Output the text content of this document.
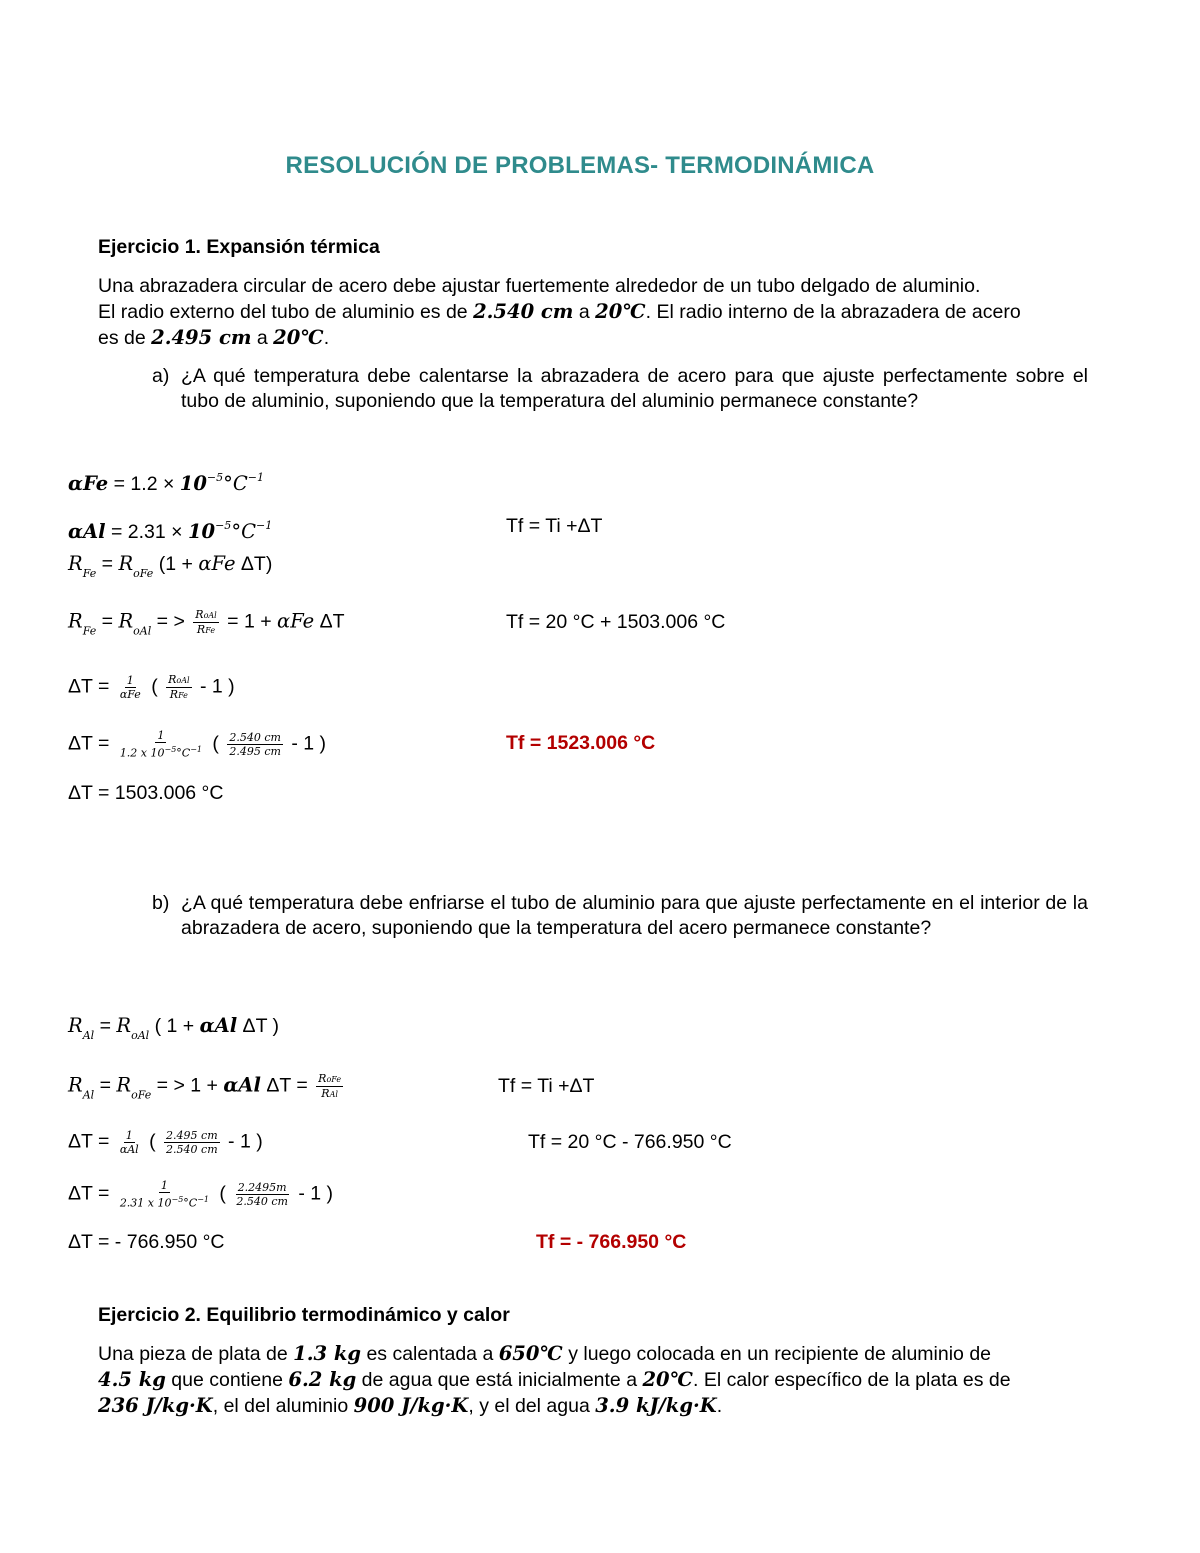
RESOLUCIÓN DE PROBLEMAS- TERMODINÁMICA
Ejercicio 1. Expansión térmica
Una abrazadera circular de acero debe ajustar fuertemente alrededor de un tubo delgado de aluminio.
El radio externo del tubo de aluminio es de 2.540 cm a 20℃. El radio interno de la abrazadera de acero
es de 2.495 cm a 20℃.
a) ¿A qué temperatura debe calentarse la abrazadera de acero para que ajuste perfectamente sobre el tubo de aluminio, suponiendo que la temperatura del aluminio permanece constante?
$\alpha Fe = 1.2 \times 10^{-5}^\circ C^{-1}$
$\alpha Al = 2.31 \times 10^{-5}^\circ C^{-1}$	Tf = Ti +ΔT
$R_{Fe} = R_{oFe}$ (1 + αFe ΔT)
$R_{Fe} = R_{oAl}$ = > $\frac{\text{RoAl}}{\text{RFe}} = 1 + \alpha Fe$ ΔT	Tf = 20 °C + 1503.006 °C
$\Delta T = \frac{1}{\text{αFe}}$ ( $\frac{\text{RoAl}}{\text{RFe}} - 1$ )
$\Delta T = \frac{1}{1.2 x 10^{-5}^\circ C^{-1}}$ ( $\frac{2.540 cm}{2.495 cm} - 1$ )	Tf = 1523.006 °C
ΔT = 1503.006 °C
b) ¿A qué temperatura debe enfriarse el tubo de aluminio para que ajuste perfectamente en el interior de la abrazadera de acero, suponiendo que la temperatura del acero permanece constante?
$R_{Al} = R_{oAl}$ ( 1 + αAl ΔT )
$R_{Al} = R_{oFe}$ = > 1 + αAl $\Delta T = \frac{\text{RoFe}}{\text{RAl}}$	Tf = Ti +ΔT
$\Delta T = \frac{1}{\text{αAl}}$ ( $\frac{2.495 cm}{2.540 cm} - 1$ )	Tf = 20 °C - 766.950 °C
$\Delta T = \frac{1}{2.31 x 10^{-5}^\circ C^{-1}}$ ( $\frac{2.2495m}{2.540 cm} - 1$ )
ΔT = - 766.950 °C	Tf = - 766.950 °C
Ejercicio 2. Equilibrio termodinámico y calor
Una pieza de plata de 1.3 kg es calentada a 650℃ y luego colocada en un recipiente de aluminio de
4.5 kg que contiene 6.2 kg de agua que está inicialmente a 20℃. El calor específico de la plata es de
236 J/kg·K, el del aluminio 900 J/kg·K, y el del agua 3.9 kJ/kg·K.
